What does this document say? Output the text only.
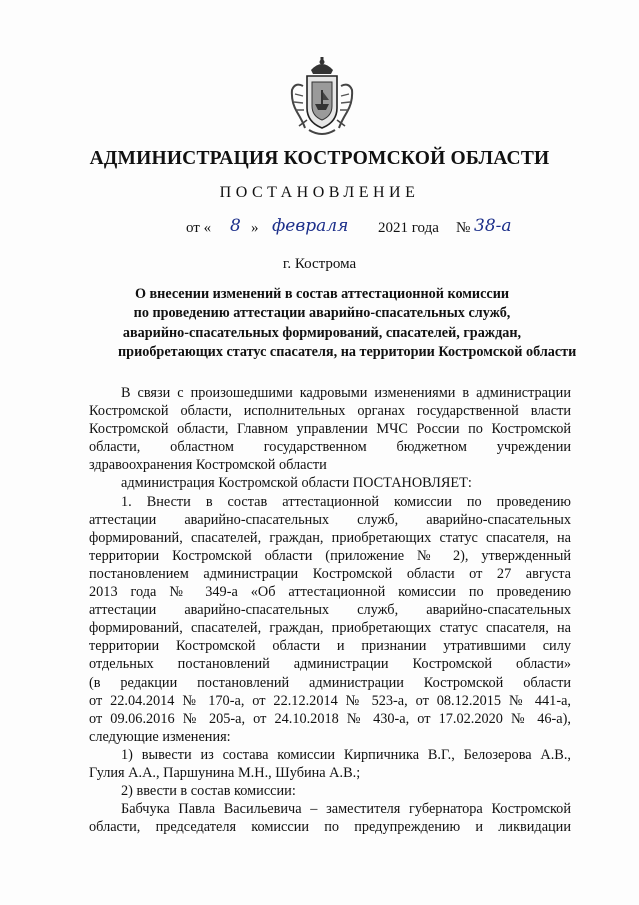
АДМИНИСТРАЦИЯ КОСТРОМСКОЙ ОБЛАСТИ
ПОСТАНОВЛЕНИЕ
от « 8 » февраля 2021 года № 38-а
г. Кострома
О внесении изменений в состав аттестационной комиссии
по проведению аттестации аварийно-спасательных служб,
аварийно-спасательных формирований, спасателей, граждан,
приобретающих статус спасателя, на территории Костромской области
В связи с произошедшими кадровыми изменениями в администрации
Костромской области, исполнительных органах государственной власти
Костромской области, Главном управлении МЧС России по Костромской
области, областном государственном бюджетном учреждении
здравоохранения Костромской области
администрация Костромской области ПОСТАНОВЛЯЕТ:
1. Внести в состав аттестационной комиссии по проведению
аттестации аварийно-спасательных служб, аварийно-спасательных
формирований, спасателей, граждан, приобретающих статус спасателя, на
территории Костромской области (приложение № 2), утвержденный
постановлением администрации Костромской области от 27 августа
2013 года № 349-а «Об аттестационной комиссии по проведению
аттестации аварийно-спасательных служб, аварийно-спасательных
формирований, спасателей, граждан, приобретающих статус спасателя, на
территории Костромской области и признании утратившими силу
отдельных постановлений администрации Костромской области»
(в редакции постановлений администрации Костромской области
от 22.04.2014 № 170-а, от 22.12.2014 № 523-а, от 08.12.2015 № 441-а,
от 09.06.2016 № 205-а, от 24.10.2018 № 430-а, от 17.02.2020 № 46-а),
следующие изменения:
1) вывести из состава комиссии Кирпичника В.Г., Белозерова А.В.,
Гулия А.А., Паршунина М.Н., Шубина А.В.;
2) ввести в состав комиссии:
Бабчука Павла Васильевича – заместителя губернатора Костромской
области, председателя комиссии по предупреждению и ликвидации
